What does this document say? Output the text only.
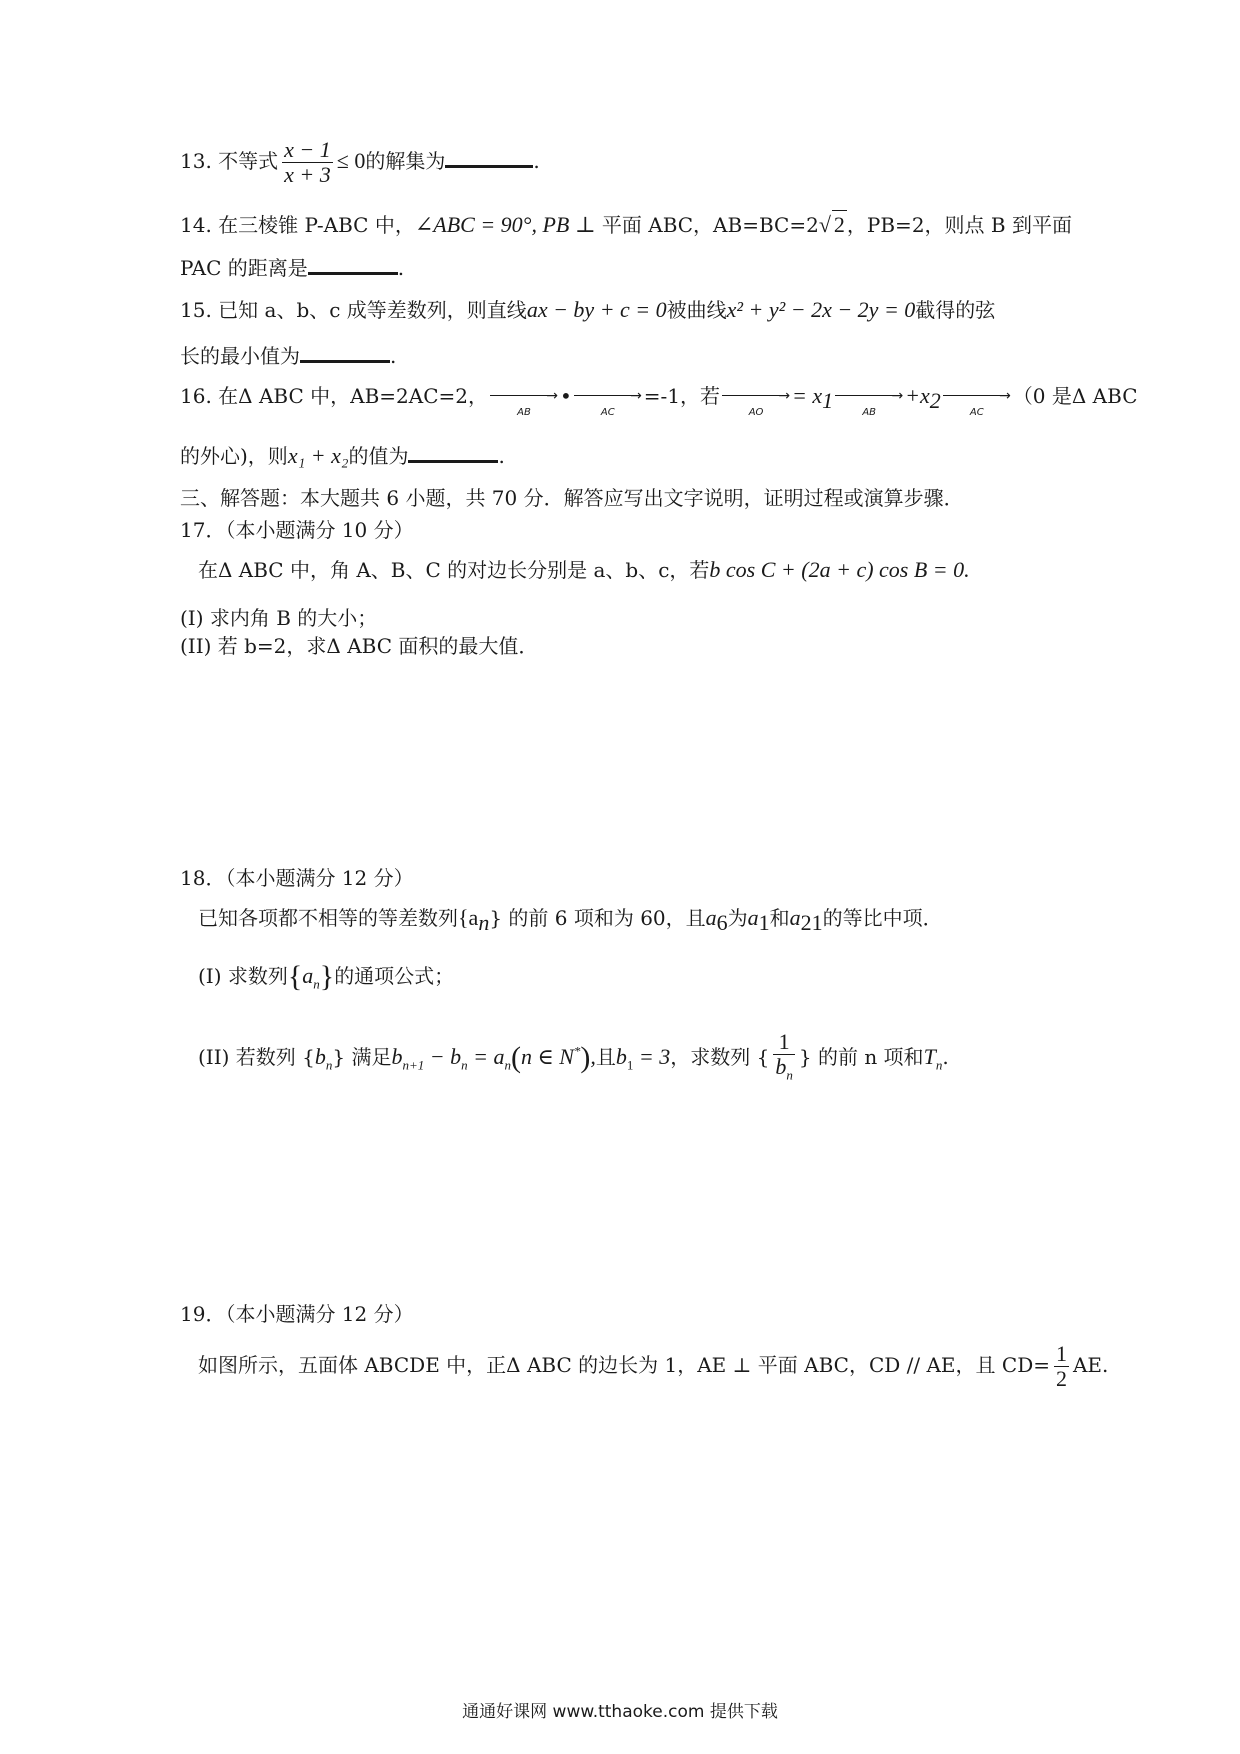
13. 不等式 $\frac{x - 1}{x + 3} \le 0$的解集为	.
14. 在三棱锥 P-ABC 中，∠ABC = 90°, PB ⊥ 平面 ABC，AB=BC=2√ 2 ，PB=2，则点 B 到平面
PAC 的距离是	.
15. 已知 a、b、c 成等差数列，则直线ax − by + c = 0被曲线x² + y² − 2x − 2y = 0截得的弦
长的最小值为	.
16. 在Δ ABC 中，AB=2AC=2，	→
AB
•	→
AC
=-1，若	→
AO
= $x_1$	→
AB
$+x_2$	→
AC
（0 是Δ ABC
的外心)，则x₁ + x₂的值为	.
三、解答题：本大题共 6 小题，共 70 分．解答应写出文字说明，证明过程或演算步骤．
17．（本小题满分 10 分）
在Δ ABC 中，角 A、B、C 的对边长分别是 a、b、c，若b cos C + (2a + c) cos B = 0.
(I) 求内角 B 的大小；
(II) 若 b=2，求Δ ABC 面积的最大值．
18．（本小题满分 12 分）
已知各项都不相等的等差数列$\{a_n\}$ 的前 6 项和为 60，且$a_6$为$a_1$和$a_{21}$的等比中项．
(I) 求数列$\{a_n\}$的通项公式；
(II) 若数列 $\{b_n\}$ 满足$b_{n+1} - b_n = a_n(n$ ∈ N*),且$b_1 = 3$，求数列 { $\frac{1}{b_n}$ } 的前 n 项和$T_n$.
19．（本小题满分 12 分）
如图所示，五面体 ABCDE 中，正Δ ABC 的边长为 1，AE ⊥ 平面 ABC，CD // AE，且 $CD= \frac{1}{2}$ AE.
通通好课网 www.tthaoke.com 提供下载
